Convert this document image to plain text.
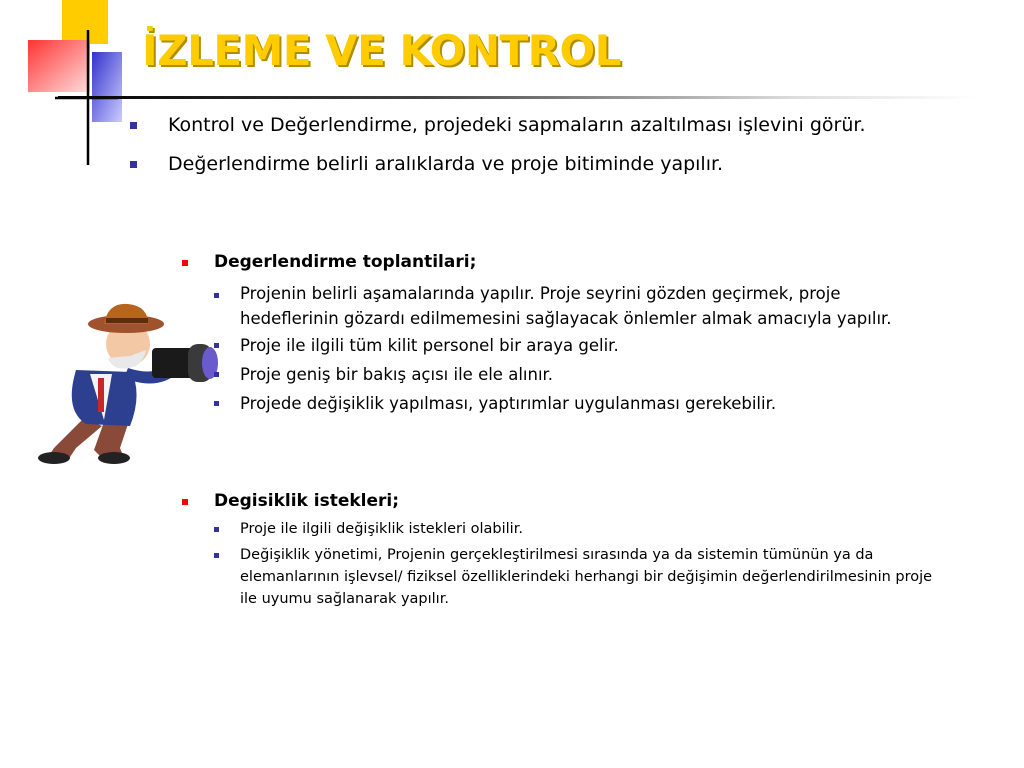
İZLEME VE KONTROL
Kontrol ve Değerlendirme, projedeki sapmaların azaltılması işlevini görür.
Değerlendirme belirli aralıklarda ve proje bitiminde yapılır.
Degerlendirme toplantilari;
Projenin belirli aşamalarında yapılır. Proje seyrini gözden geçirmek, proje hedeflerinin gözardı edilmemesini sağlayacak önlemler almak amacıyla yapılır.
Proje ile ilgili tüm kilit personel bir araya gelir.
Proje geniş bir bakış açısı ile ele alınır.
Projede değişiklik yapılması, yaptırımlar uygulanması gerekebilir.
Degisiklik istekleri;
Proje ile ilgili değişiklik istekleri olabilir.
Değişiklik yönetimi, Projenin gerçekleştirilmesi sırasında ya da sistemin tümünün ya da elemanlarının işlevsel/ fiziksel özelliklerindeki herhangi bir değişimin değerlendirilmesinin proje ile uyumu sağlanarak yapılır.
